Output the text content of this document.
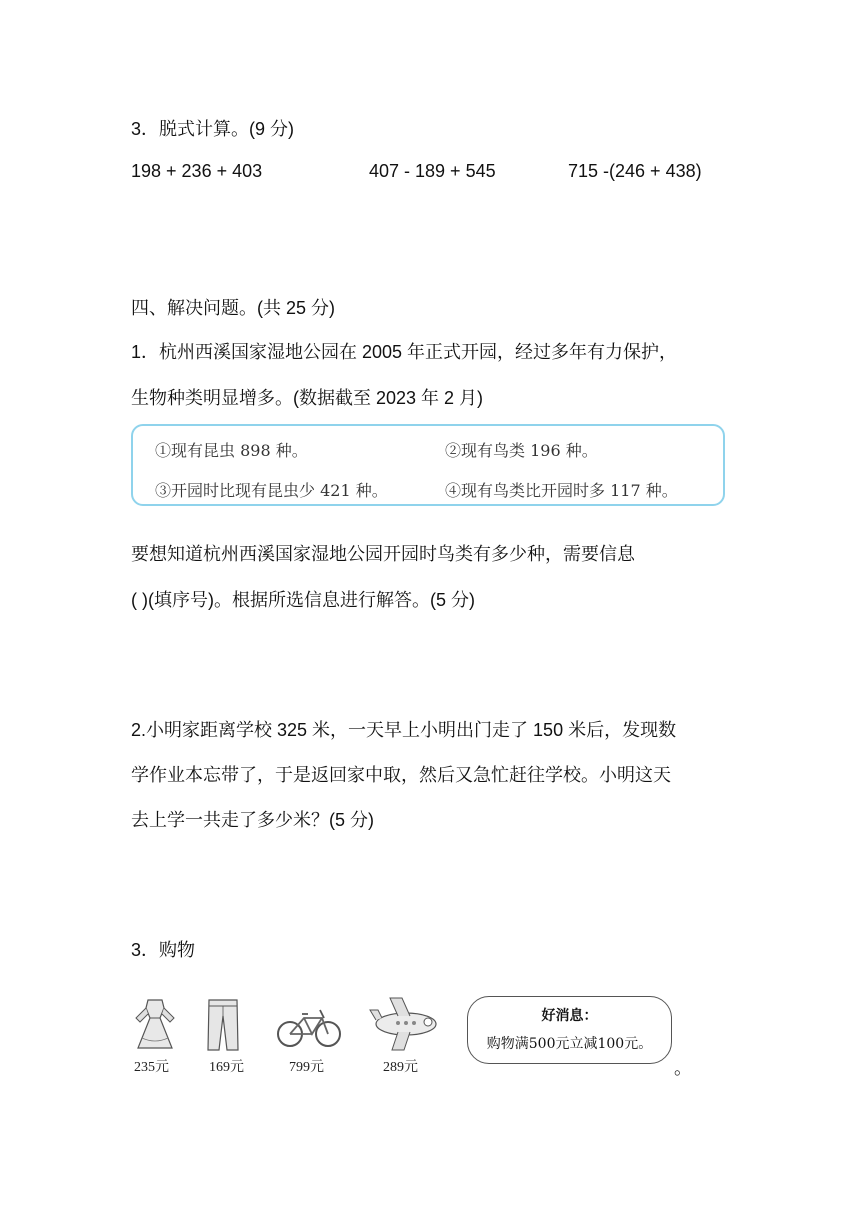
3．脱式计算。(9 分)
198 + 236 + 403	407 - 189 + 545	715 -(246 + 438)
四、解决问题。(共 25 分)
1．杭州西溪国家湿地公园在 2005 年正式开园，经过多年有力保护，
生物种类明显增多。(数据截至 2023 年 2 月)
①现有昆虫 898 种。	②现有鸟类 196 种。
③开园时比现有昆虫少 421 种。	④现有鸟类比开园时多 117 种。
要想知道杭州西溪国家湿地公园开园时鸟类有多少种，需要信息
( )(填序号)。根据所选信息进行解答。(5 分)
2.小明家距离学校 325 米，一天早上小明出门走了 150 米后，发现数
学作业本忘带了，于是返回家中取，然后又急忙赶往学校。小明这天
去上学一共走了多少米？(5 分)
3．购物
235元	169元	799元	289元
好消息：
购物满500元立减100元。
。
